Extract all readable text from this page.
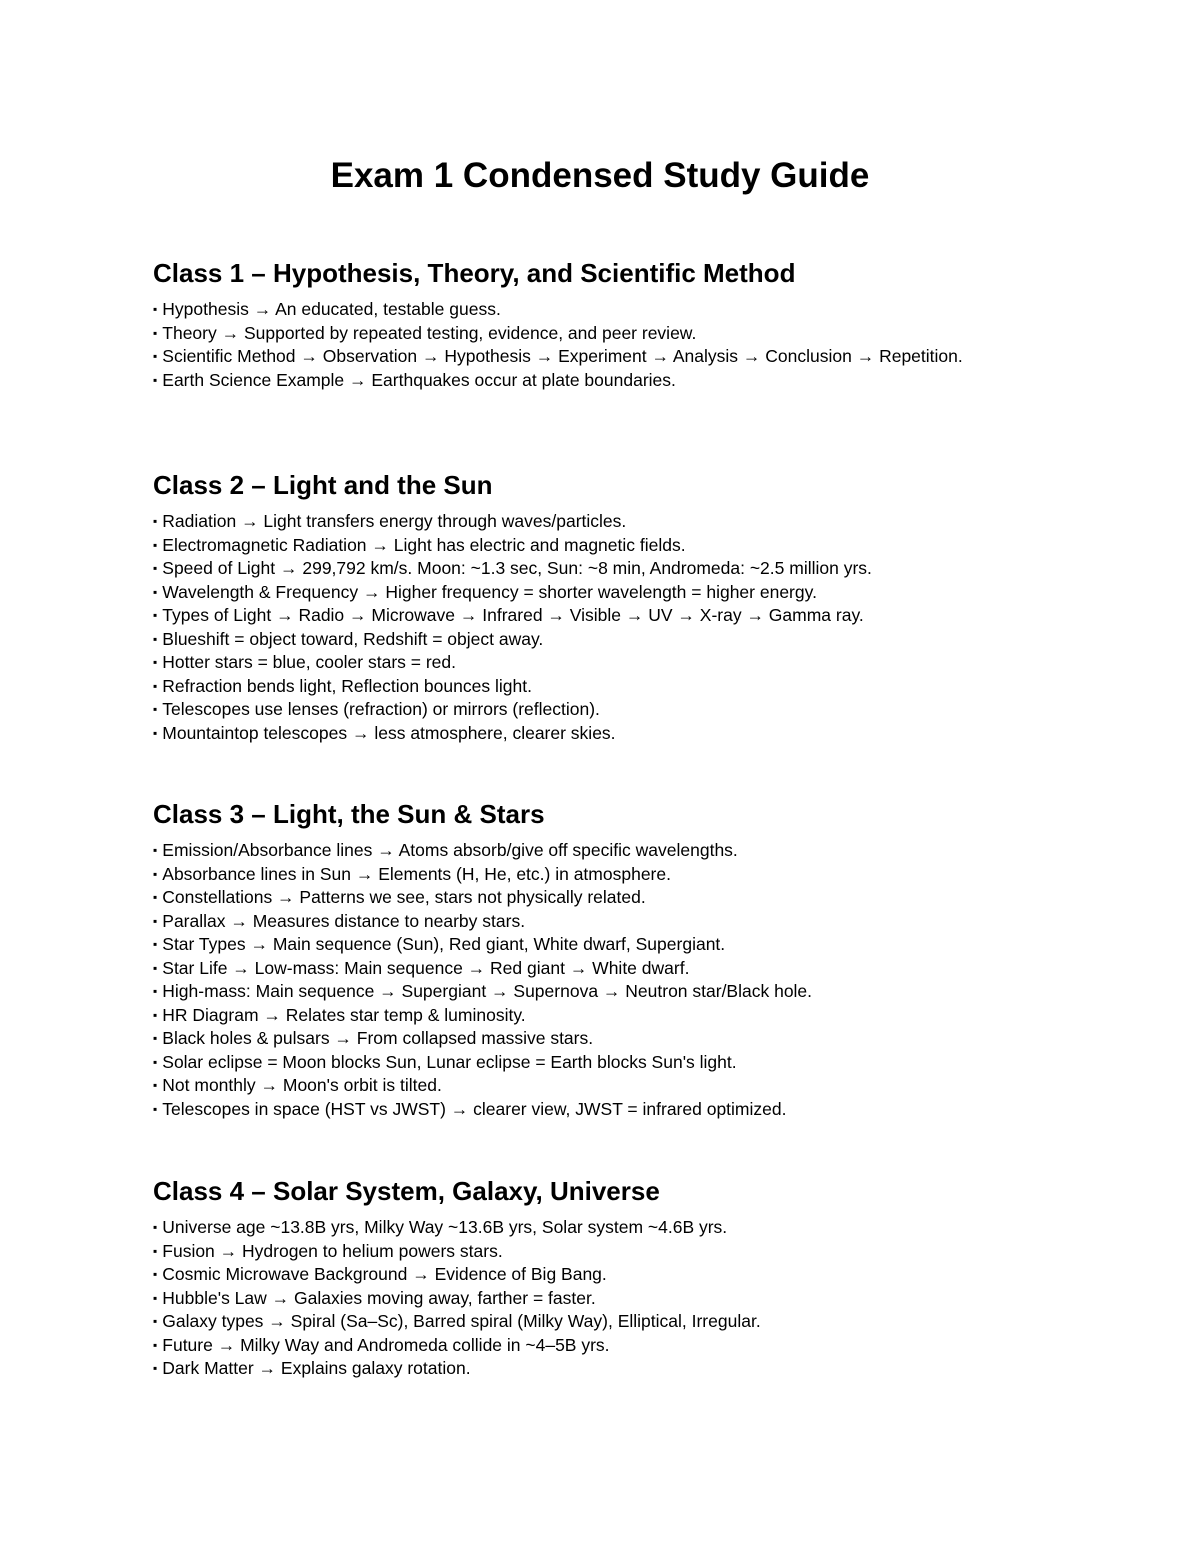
Exam 1 Condensed Study Guide
Class 1 – Hypothesis, Theory, and Scientific Method
▪ Hypothesis → An educated, testable guess.
▪ Theory → Supported by repeated testing, evidence, and peer review.
▪ Scientific Method → Observation → Hypothesis → Experiment → Analysis → Conclusion → Repetition.
▪ Earth Science Example → Earthquakes occur at plate boundaries.
Class 2 – Light and the Sun
▪ Radiation → Light transfers energy through waves/particles.
▪ Electromagnetic Radiation → Light has electric and magnetic fields.
▪ Speed of Light → 299,792 km/s. Moon: ~1.3 sec, Sun: ~8 min, Andromeda: ~2.5 million yrs.
▪ Wavelength & Frequency → Higher frequency = shorter wavelength = higher energy.
▪ Types of Light → Radio → Microwave → Infrared → Visible → UV → X-ray → Gamma ray.
▪ Blueshift = object toward, Redshift = object away.
▪ Hotter stars = blue, cooler stars = red.
▪ Refraction bends light, Reflection bounces light.
▪ Telescopes use lenses (refraction) or mirrors (reflection).
▪ Mountaintop telescopes → less atmosphere, clearer skies.
Class 3 – Light, the Sun & Stars
▪ Emission/Absorbance lines → Atoms absorb/give off specific wavelengths.
▪ Absorbance lines in Sun → Elements (H, He, etc.) in atmosphere.
▪ Constellations → Patterns we see, stars not physically related.
▪ Parallax → Measures distance to nearby stars.
▪ Star Types → Main sequence (Sun), Red giant, White dwarf, Supergiant.
▪ Star Life → Low-mass: Main sequence → Red giant → White dwarf.
▪ High-mass: Main sequence → Supergiant → Supernova → Neutron star/Black hole.
▪ HR Diagram → Relates star temp & luminosity.
▪ Black holes & pulsars → From collapsed massive stars.
▪ Solar eclipse = Moon blocks Sun, Lunar eclipse = Earth blocks Sun's light.
▪ Not monthly → Moon's orbit is tilted.
▪ Telescopes in space (HST vs JWST) → clearer view, JWST = infrared optimized.
Class 4 – Solar System, Galaxy, Universe
▪ Universe age ~13.8B yrs, Milky Way ~13.6B yrs, Solar system ~4.6B yrs.
▪ Fusion → Hydrogen to helium powers stars.
▪ Cosmic Microwave Background → Evidence of Big Bang.
▪ Hubble's Law → Galaxies moving away, farther = faster.
▪ Galaxy types → Spiral (Sa–Sc), Barred spiral (Milky Way), Elliptical, Irregular.
▪ Future → Milky Way and Andromeda collide in ~4–5B yrs.
▪ Dark Matter → Explains galaxy rotation.
